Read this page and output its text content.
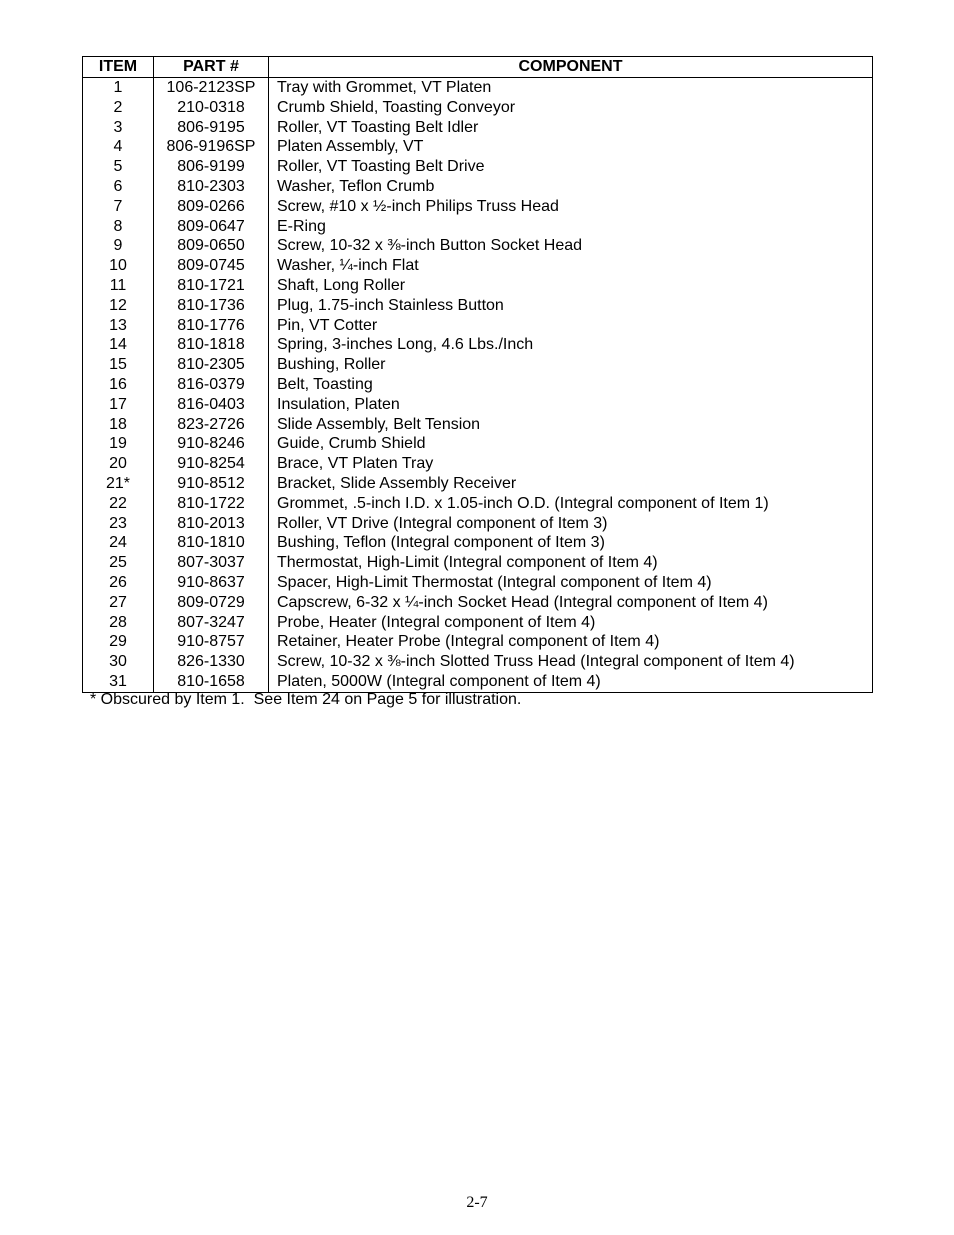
ITEM	PART #	COMPONENT
1	106-2123SP	Tray with Grommet, VT Platen
2	210-0318	Crumb Shield, Toasting Conveyor
3	806-9195	Roller, VT Toasting Belt Idler
4	806-9196SP	Platen Assembly, VT
5	806-9199	Roller, VT Toasting Belt Drive
6	810-2303	Washer, Teflon Crumb
7	809-0266	Screw, #10 x ½-inch Philips Truss Head
8	809-0647	E-Ring
9	809-0650	Screw, 10-32 x ⅜-inch Button Socket Head
10	809-0745	Washer, ¼-inch Flat
11	810-1721	Shaft, Long Roller
12	810-1736	Plug, 1.75-inch Stainless Button
13	810-1776	Pin, VT Cotter
14	810-1818	Spring, 3-inches Long, 4.6 Lbs./Inch
15	810-2305	Bushing, Roller
16	816-0379	Belt, Toasting
17	816-0403	Insulation, Platen
18	823-2726	Slide Assembly, Belt Tension
19	910-8246	Guide, Crumb Shield
20	910-8254	Brace, VT Platen Tray
21*	910-8512	Bracket, Slide Assembly Receiver
22	810-1722	Grommet, .5-inch I.D. x 1.05-inch O.D. (Integral component of Item 1)
23	810-2013	Roller, VT Drive (Integral component of Item 3)
24	810-1810	Bushing, Teflon (Integral component of Item 3)
25	807-3037	Thermostat, High-Limit (Integral component of Item 4)
26	910-8637	Spacer, High-Limit Thermostat (Integral component of Item 4)
27	809-0729	Capscrew, 6-32 x ¼-inch Socket Head (Integral component of Item 4)
28	807-3247	Probe, Heater (Integral component of Item 4)
29	910-8757	Retainer, Heater Probe (Integral component of Item 4)
30	826-1330	Screw, 10-32 x ⅜-inch Slotted Truss Head (Integral component of Item 4)
31	810-1658	Platen, 5000W (Integral component of Item 4)
* Obscured by Item 1.  See Item 24 on Page 5 for illustration.
2-7
